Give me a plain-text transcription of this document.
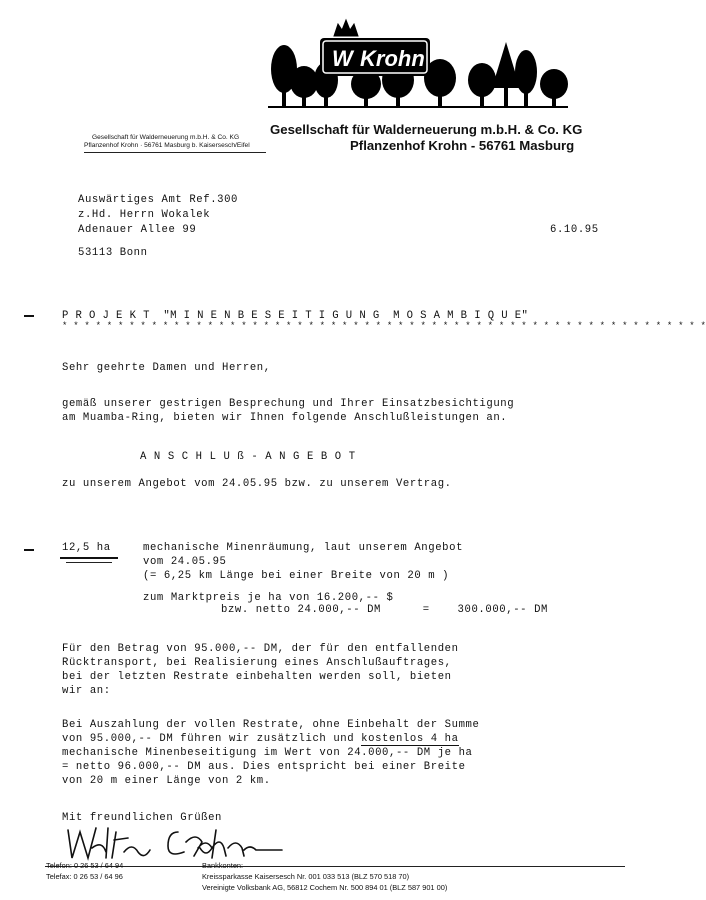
W Krohn
Gesellschaft für Walderneuerung m.b.H. & Co. KG
Pflanzenhof Krohn - 56761 Masburg
Gesellschaft für Walderneuerung m.b.H. & Co. KG
Pflanzenhof Krohn · 56761 Masburg b. Kaisersesch/Eifel
Auswärtiges Amt Ref.300
z.Hd. Herrn Wokalek
Adenauer Allee 99
53113 Bonn
6.10.95
P R O J E K T  "M I N E N B E S E I T I G U N G  M O S A M B I Q U E"
* * * * * * * * * * * * * * * * * * * * * * * * * * * * * * * * * * * * * * * * * * * * * * * * * * * * * * * * * *
Sehr geehrte Damen und Herren,
gemäß unserer gestrigen Besprechung und Ihrer Einsatzbesichtigung
am Muamba-Ring, bieten wir Ihnen folgende Anschlußleistungen an.
A N S C H L U ß - A N G E B O T
zu unserem Angebot vom 24.05.95 bzw. zu unserem Vertrag.
12,5 ha	mechanische Minenräumung, laut unserem Angebot
vom 24.05.95
(= 6,25 km Länge bei einer Breite von 20 m )
zum Marktpreis je ha von 16.200,-- $
bzw. netto 24.000,-- DM      =    300.000,-- DM
Für den Betrag von 95.000,-- DM, der für den entfallenden
Rücktransport, bei Realisierung eines Anschlußauftrages,
bei der letzten Restrate einbehalten werden soll, bieten
wir an:
Bei Auszahlung der vollen Restrate, ohne Einbehalt der Summe
von 95.000,-- DM führen wir zusätzlich und kostenlos 4 ha
mechanische Minenbeseitigung im Wert von 24.000,-- DM je ha
= netto 96.000,-- DM aus. Dies entspricht bei einer Breite
von 20 m einer Länge von 2 km.
Mit freundlichen Grüßen
Telefon: 0 26 53 / 64 94
Telefax: 0 26 53 / 64 96
Bankkonten:
Kreissparkasse Kaisersesch Nr. 001 033 513 (BLZ 570 518 70)
Vereinigte Volksbank AG, 56812 Cochem Nr. 500 894 01 (BLZ 587 901 00)
